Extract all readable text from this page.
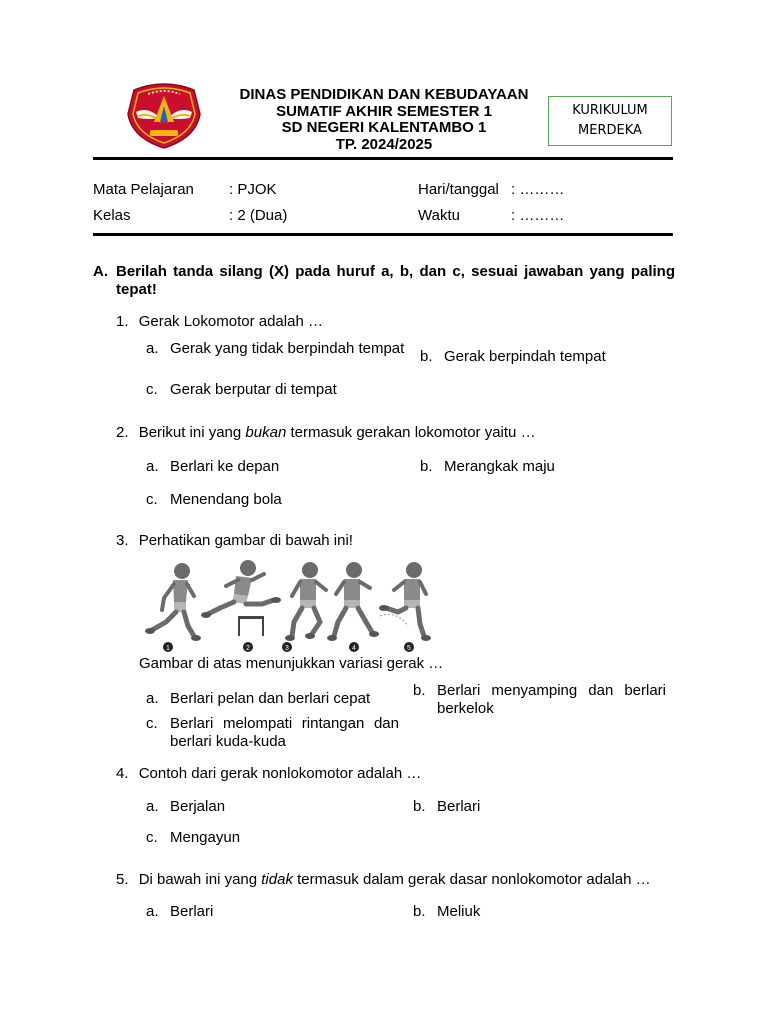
DINAS PENDIDIKAN DAN KEBUDAYAAN
SUMATIF AKHIR SEMESTER 1
SD NEGERI KALENTAMBO 1
TP. 2024/2025
KURIKULUM
MERDEKA
Mata Pelajaran : PJOK	Hari/tanggal : ………
Kelas	: 2 (Dua)	Waktu	: ………
A. Berilah tanda silang (X) pada huruf a, b, dan c, sesuai jawaban yang paling tepat!
1. Gerak Lokomotor adalah …
a. Gerak yang tidak berpindah tempat b. Gerak berpindah tempat
c. Gerak berputar di tempat
2. Berikut ini yang bukan termasuk gerakan lokomotor yaitu …
a. Berlari ke depan	b. Merangkak maju
c. Menendang bola
3. Perhatikan gambar di bawah ini!
1	2	3	4	5
Gambar di atas menunjukkan variasi gerak …
a. Berlari pelan dan berlari cepat	b. Berlari menyamping dan berlari berkelok
c. Berlari melompati rintangan dan berlari kuda-kuda
4. Contoh dari gerak nonlokomotor adalah …
a. Berjalan	b. Berlari
c. Mengayun
5. Di bawah ini yang tidak termasuk dalam gerak dasar nonlokomotor adalah …
a. Berlari	b. Meliuk
